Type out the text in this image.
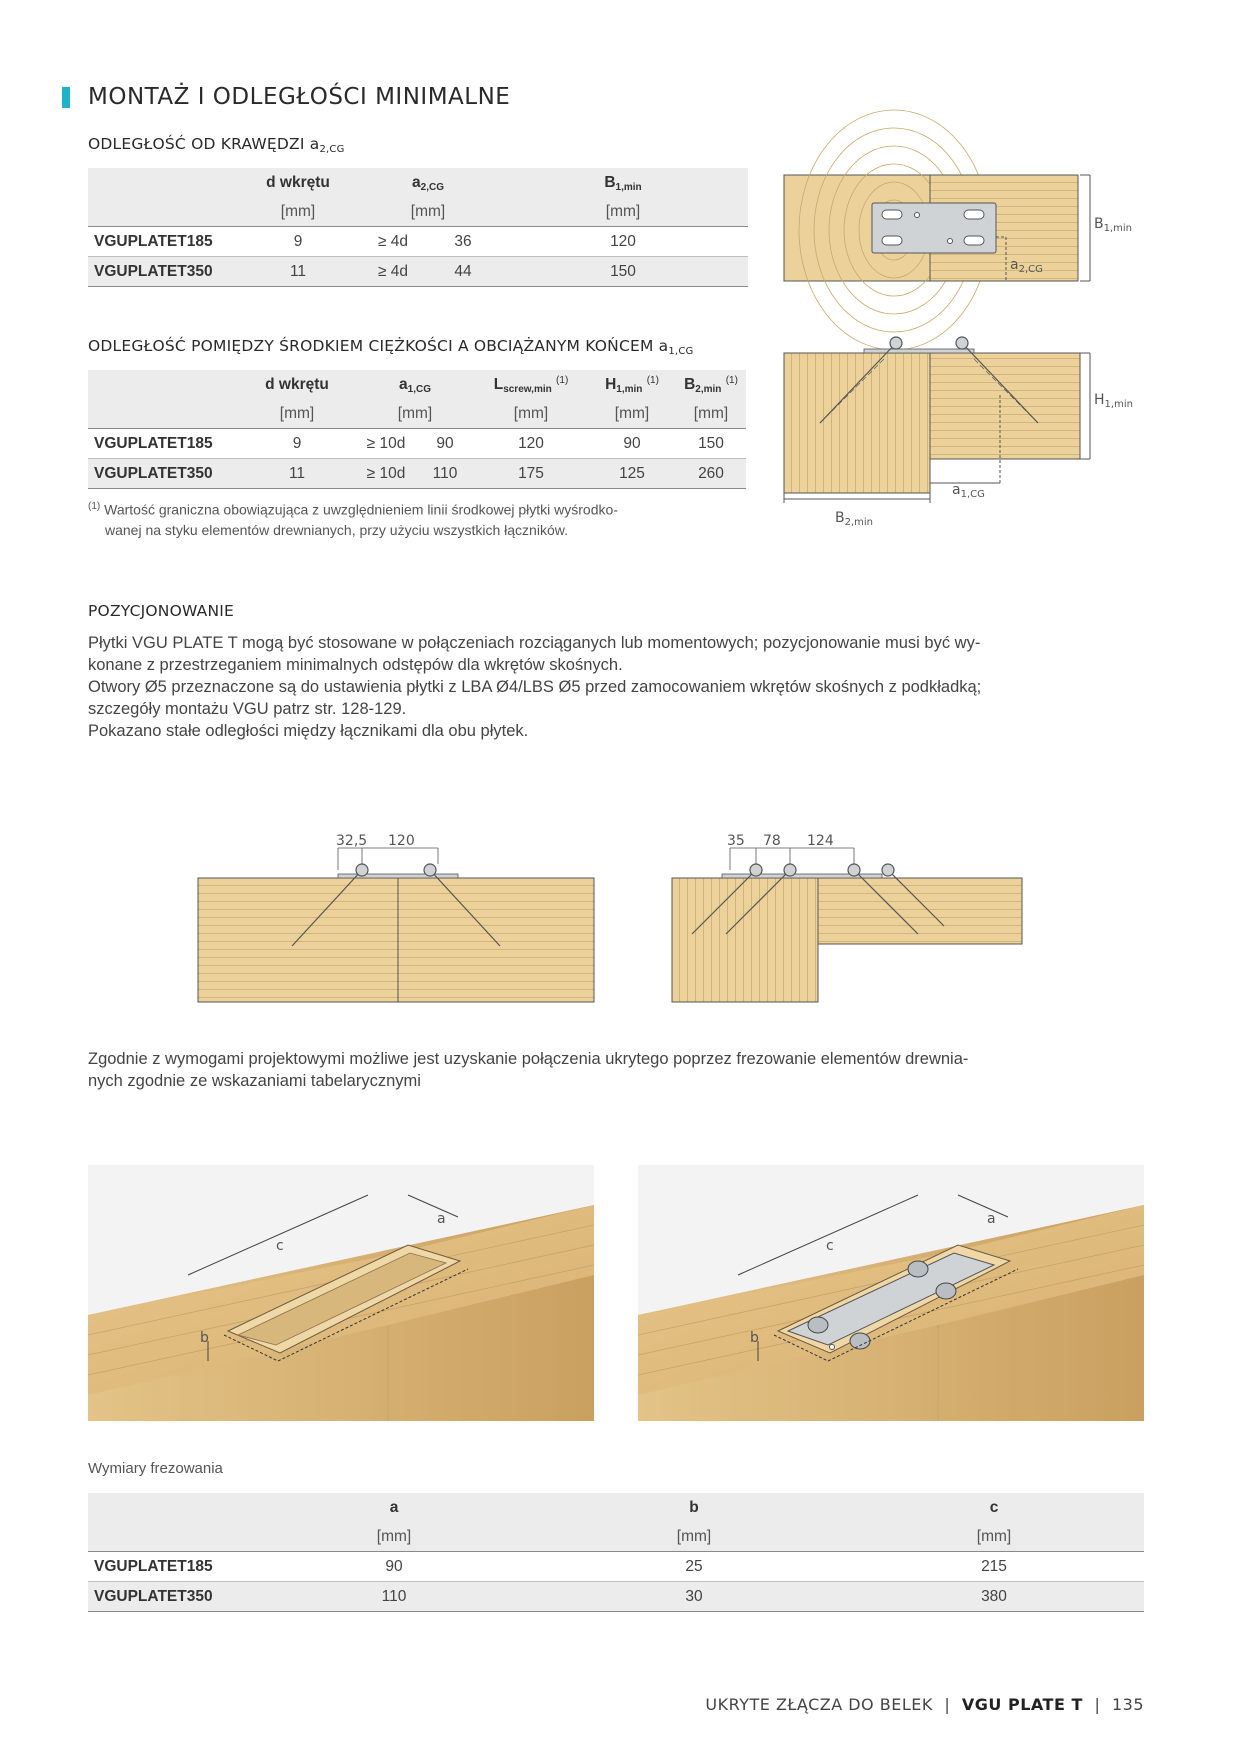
MONTAŻ I ODLEGŁOŚCI MINIMALNE
ODLEGŁOŚĆ OD KRAWĘDZI a2,CG
	d wkrętu	a2,CG		B1,min
	[mm]	[mm]		[mm]
VGUPLATET185	9	≥ 4d	36	120
VGUPLATET350	11	≥ 4d	44	150
$B_{1,min}$
$a_{2,CG}$
ODLEGŁOŚĆ POMIĘDZY ŚRODKIEM CIĘŻKOŚCI A OBCIĄŻANYM KOŃCEM a1,CG
	d wkrętu	a1,CG		Lscrew,min $^{(1)}$	H1,min $^{(1)}$	B2,min $^{(1)}$
	[mm]	[mm]		[mm]	[mm]	[mm]
VGUPLATET185	9	≥ 10d	90	120	90	150
VGUPLATET350	11	≥ 10d	110	175	125	260
$^{(1)}$ Wartość graniczna obowiązująca z uwzględnieniem linii środkowej płytki wyśrodko-
wanej na styku elementów drewnianych, przy użyciu wszystkich łączników.
$H_{1,min}$
$a_{1,CG}$
$B_{2,min}$
POZYCJONOWANIE
Płytki VGU PLATE T mogą być stosowane w połączeniach rozciąganych lub momentowych; pozycjonowanie musi być wy-
konane z przestrzeganiem minimalnych odstępów dla wkrętów skośnych.
Otwory Ø5 przeznaczone są do ustawienia płytki z LBA Ø4/LBS Ø5 przed zamocowaniem wkrętów skośnych z podkładką;
szczegóły montażu VGU patrz str. 128-129.
Pokazano stałe odległości między łącznikami dla obu płytek.
32,5 120	35 78 124
Zgodnie z wymogami projektowymi możliwe jest uzyskanie połączenia ukrytego poprzez frezowanie elementów drewnia-
nych zgodnie ze wskazaniami tabelarycznymi
c
a
b
c
a
b
Wymiary frezowania
	a	b	c
	[mm]	[mm]	[mm]
VGUPLATET185	90	25	215
VGUPLATET350	110	30	380
UKRYTE ZŁĄCZA DO BELEK | VGU PLATE T | 135
